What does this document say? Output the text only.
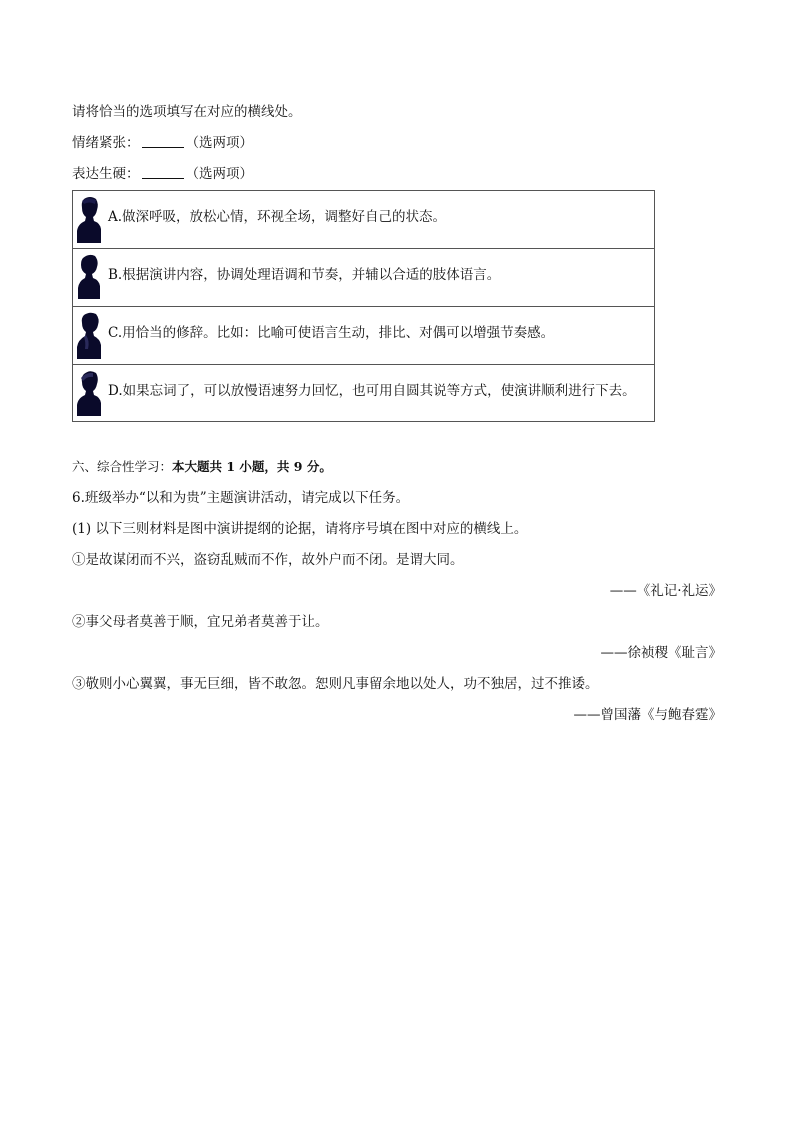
请将恰当的选项填写在对应的横线处。
情绪紧张：	（选两项）
表达生硬：	（选两项）
A.做深呼吸，放松心情，环视全场，调整好自己的状态。
B.根据演讲内容，协调处理语调和节奏，并辅以合适的肢体语言。
C.用恰当的修辞。比如：比喻可使语言生动，排比、对偶可以增强节奏感。
D.如果忘词了，可以放慢语速努力回忆，也可用自圆其说等方式，使演讲顺利进行下去。
六、综合性学习：本大题共 1 小题，共 9 分。
6.班级举办“以和为贵”主题演讲活动，请完成以下任务。
(1) 以下三则材料是图中演讲提纲的论据，请将序号填在图中对应的横线上。
①是故谋闭而不兴，盗窃乱贼而不作，故外户而不闭。是谓大同。
——《礼记·礼运》
②事父母者莫善于顺，宜兄弟者莫善于让。
——徐祯稷《耻言》
③敬则小心翼翼，事无巨细，皆不敢忽。恕则凡事留余地以处人，功不独居，过不推诿。
——曾国藩《与鲍春霆》
